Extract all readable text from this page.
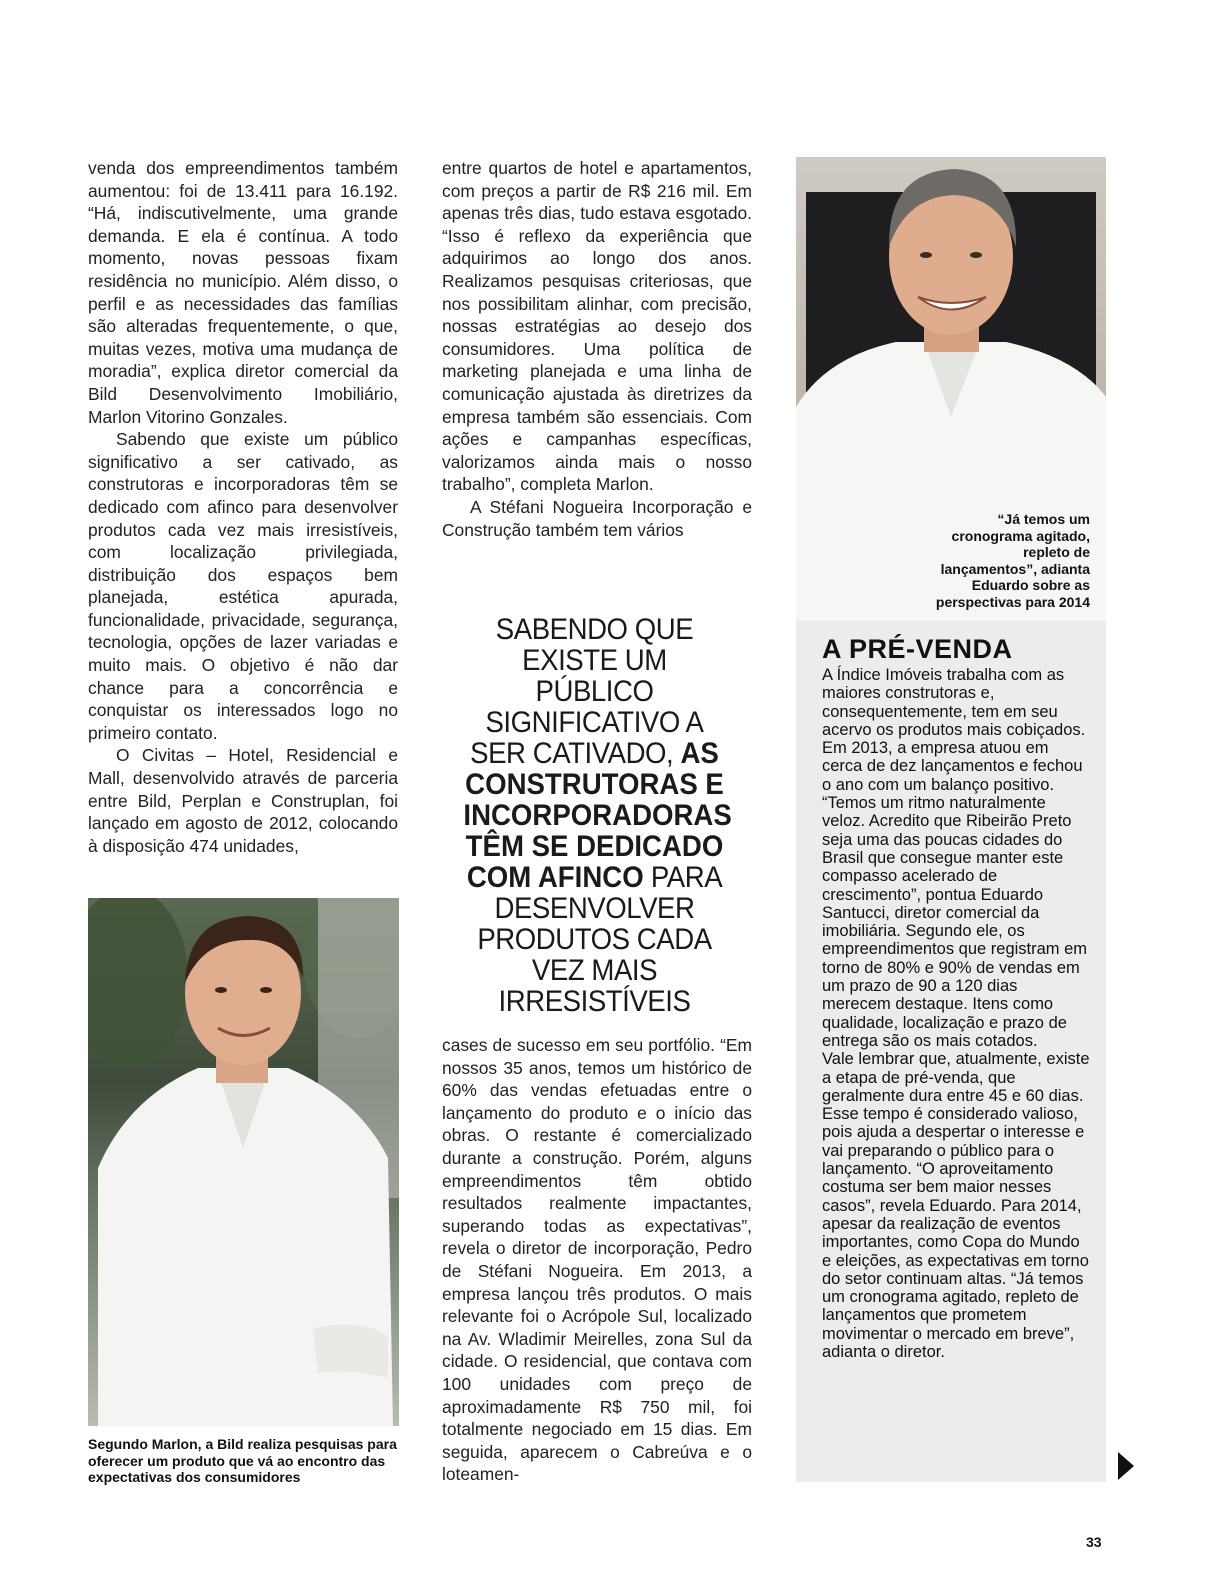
venda dos empreendimentos também aumentou: foi de 13.411 para 16.192. “Há, indiscutivelmente, uma grande demanda. E ela é contínua. A todo momento, novas pessoas fixam residência no município. Além disso, o perfil e as necessidades das famílias são alteradas frequentemente, o que, muitas vezes, motiva uma mudança de moradia”, explica diretor comercial da Bild Desenvolvimento Imobiliário, Marlon Vitorino Gonzales.

Sabendo que existe um público significativo a ser cativado, as construtoras e incorporadoras têm se dedicado com afinco para desenvolver produtos cada vez mais irresistíveis, com localização privilegiada, distribuição dos espaços bem planejada, estética apurada, funcionalidade, privacidade, segurança, tecnologia, opções de lazer variadas e muito mais. O objetivo é não dar chance para a concorrência e conquistar os interessados logo no primeiro contato.

O Civitas – Hotel, Residencial e Mall, desenvolvido através de parceria entre Bild, Perplan e Construplan, foi lançado em agosto de 2012, colocando à disposição 474 unidades,

Segundo Marlon, a Bild realiza pesquisas para oferecer um produto que vá ao encontro das expectativas dos consumidores

entre quartos de hotel e apartamentos, com preços a partir de R$ 216 mil. Em apenas três dias, tudo estava esgotado. “Isso é reflexo da experiência que adquirimos ao longo dos anos. Realizamos pesquisas criteriosas, que nos possibilitam alinhar, com precisão, nossas estratégias ao desejo dos consumidores. Uma política de marketing planejada e uma linha de comunicação ajustada às diretrizes da empresa também são essenciais. Com ações e campanhas específicas, valorizamos ainda mais o nosso trabalho”, completa Marlon.

A Stéfani Nogueira Incorporação e Construção também tem vários

SABENDO QUE EXISTE UM PÚBLICO SIGNIFICATIVO A SER CATIVADO, AS CONSTRUTORAS E INCORPORADORAS TÊM SE DEDICADO COM AFINCO PARA DESENVOLVER PRODUTOS CADA VEZ MAIS IRRESISTÍVEIS

cases de sucesso em seu portfólio. “Em nossos 35 anos, temos um histórico de 60% das vendas efetuadas entre o lançamento do produto e o início das obras. O restante é comercializado durante a construção. Porém, alguns empreendimentos têm obtido resultados realmente impactantes, superando todas as expectativas”, revela o diretor de incorporação, Pedro de Stéfani Nogueira. Em 2013, a empresa lançou três produtos. O mais relevante foi o Acrópole Sul, localizado na Av. Wladimir Meirelles, zona Sul da cidade. O residencial, que contava com 100 unidades com preço de aproximadamente R$ 750 mil, foi totalmente negociado em 15 dias. Em seguida, aparecem o Cabreúva e o loteamen-

“Já temos um cronograma agitado, repleto de lançamentos”, adianta Eduardo sobre as perspectivas para 2014
A PRÉ-VENDA
A Índice Imóveis trabalha com as maiores construtoras e, consequentemente, tem em seu acervo os produtos mais cobiçados. Em 2013, a empresa atuou em cerca de dez lançamentos e fechou o ano com um balanço positivo. “Temos um ritmo naturalmente veloz. Acredito que Ribeirão Preto seja uma das poucas cidades do Brasil que consegue manter este compasso acelerado de crescimento”, pontua Eduardo Santucci, diretor comercial da imobiliária. Segundo ele, os empreendimentos que registram em torno de 80% e 90% de vendas em um prazo de 90 a 120 dias merecem destaque. Itens como qualidade, localização e prazo de entrega são os mais cotados.
Vale lembrar que, atualmente, existe a etapa de pré-venda, que geralmente dura entre 45 e 60 dias. Esse tempo é considerado valioso, pois ajuda a despertar o interesse e vai preparando o público para o lançamento. “O aproveitamento costuma ser bem maior nesses casos”, revela Eduardo. Para 2014, apesar da realização de eventos importantes, como Copa do Mundo e eleições, as expectativas em torno do setor continuam altas. “Já temos um cronograma agitado, repleto de lançamentos que prometem movimentar o mercado em breve”, adianta o diretor.
33
